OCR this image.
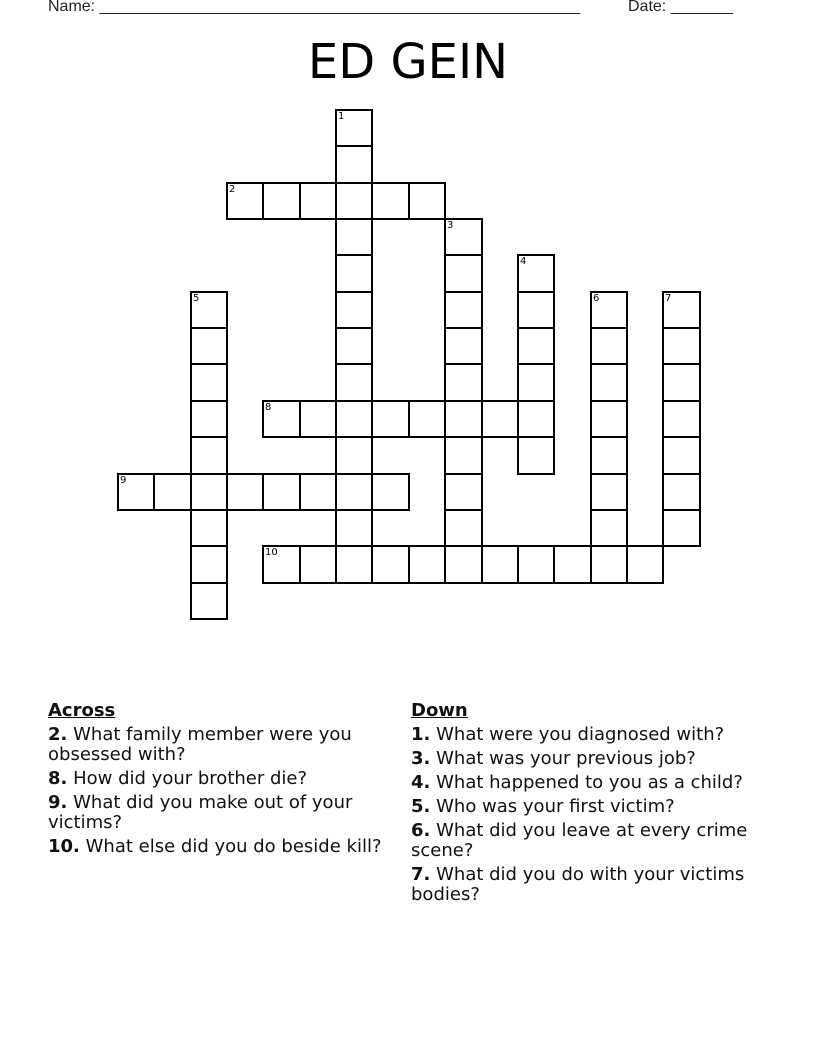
Name: ______________________________________________________	Date: _______
ED GEIN
2
8
9
10
1
3
4
5	6	7
Across
2. What family member were you obsessed with?
8. How did your brother die?
9. What did you make out of your victims?
10. What else did you do beside kill?
Down
1. What were you diagnosed with?
3. What was your previous job?
4. What happened to you as a child?
5. Who was your first victim?
6. What did you leave at every crime scene?
7. What did you do with your victims bodies?
